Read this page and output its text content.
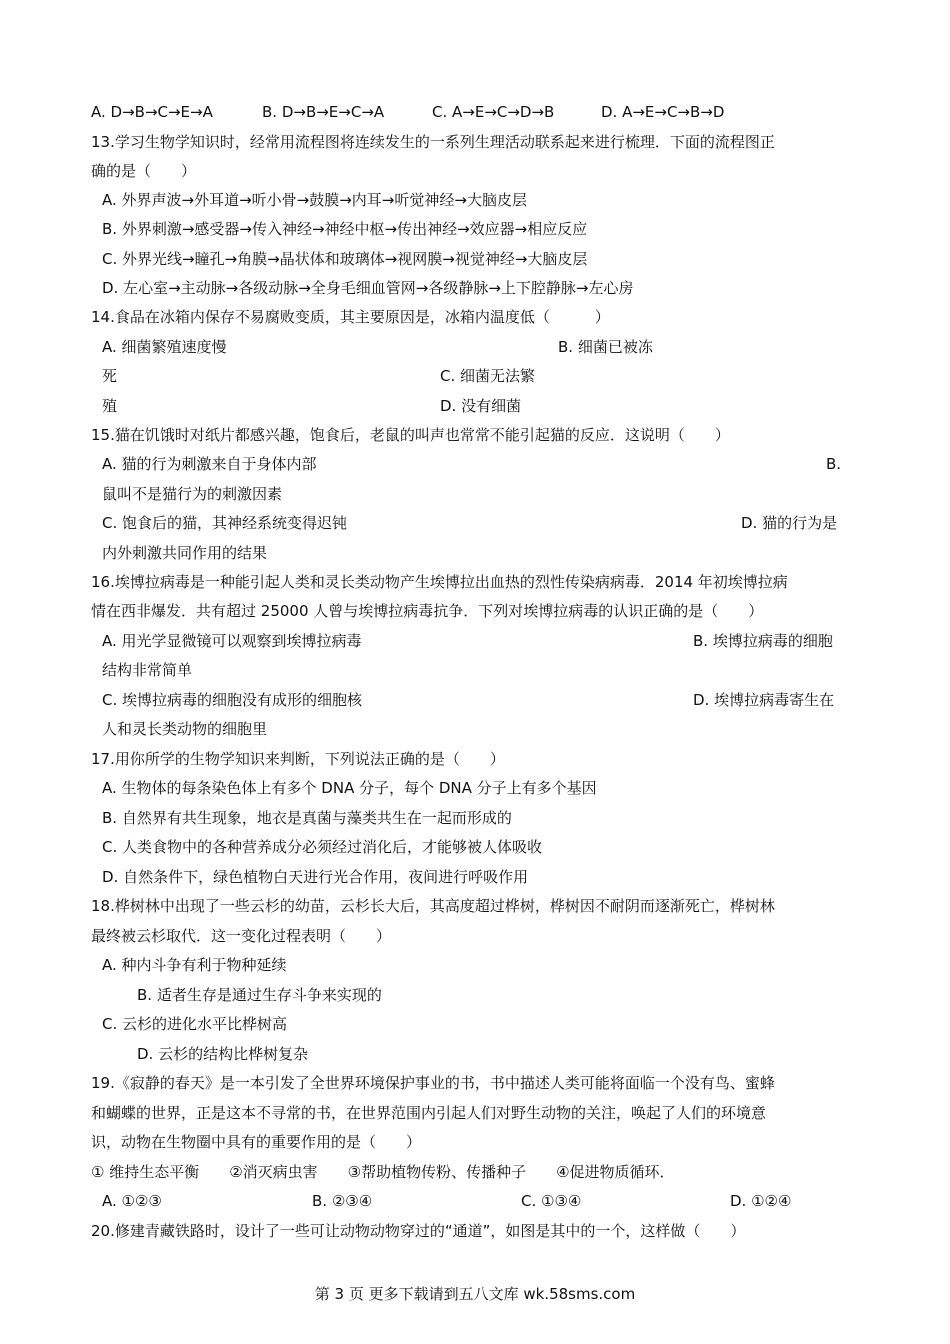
A. D→B→C→E→A	B. D→B→E→C→A	C. A→E→C→D→B	D. A→E→C→B→D
13.学习生物学知识时，经常用流程图将连续发生的一系列生理活动联系起来进行梳理．下面的流程图正
确的是（　　）
A. 外界声波→外耳道→听小骨→鼓膜→内耳→听觉神经→大脑皮层
B. 外界刺激→感受器→传入神经→神经中枢→传出神经→效应器→相应反应
C. 外界光线→瞳孔→角膜→晶状体和玻璃体→视网膜→视觉神经→大脑皮层
D. 左心室→主动脉→各级动脉→全身毛细血管网→各级静脉→上下腔静脉→左心房
14.食品在冰箱内保存不易腐败变质，其主要原因是，冰箱内温度低（　　　）
A. 细菌繁殖速度慢	B. 细菌已被冻
死	C. 细菌无法繁
殖	D. 没有细菌
15.猫在饥饿时对纸片都感兴趣，饱食后，老鼠的叫声也常常不能引起猫的反应．这说明（　　）
A. 猫的行为刺激来自于身体内部	B.
鼠叫不是猫行为的刺激因素
C. 饱食后的猫，其神经系统变得迟钝	D. 猫的行为是
内外刺激共同作用的结果
16.埃博拉病毒是一种能引起人类和灵长类动物产生埃博拉出血热的烈性传染病病毒．2014 年初埃博拉病
情在西非爆发．共有超过 25000 人曾与埃博拉病毒抗争．下列对埃博拉病毒的认识正确的是（　　）
A. 用光学显微镜可以观察到埃博拉病毒	B. 埃博拉病毒的细胞
结构非常简单
C. 埃博拉病毒的细胞没有成形的细胞核	D. 埃博拉病毒寄生在
人和灵长类动物的细胞里
17.用你所学的生物学知识来判断，下列说法正确的是（　　）
A. 生物体的每条染色体上有多个 DNA 分子，每个 DNA 分子上有多个基因
B. 自然界有共生现象，地衣是真菌与藻类共生在一起而形成的
C. 人类食物中的各种营养成分必须经过消化后，才能够被人体吸收
D. 自然条件下，绿色植物白天进行光合作用，夜间进行呼吸作用
18.桦树林中出现了一些云杉的幼苗，云杉长大后，其高度超过桦树，桦树因不耐阴而逐渐死亡，桦树林
最终被云杉取代．这一变化过程表明（　　）
A. 种内斗争有利于物种延续
B. 适者生存是通过生存斗争来实现的
C. 云杉的进化水平比桦树高
D. 云杉的结构比桦树复杂
19.《寂静的春天》是一本引发了全世界环境保护事业的书，书中描述人类可能将面临一个没有鸟、蜜蜂
和蝴蝶的世界，正是这本不寻常的书，在世界范围内引起人们对野生动物的关注，唤起了人们的环境意
识，动物在生物圈中具有的重要作用的是（　　）
① 维持生态平衡　　②消灭病虫害　　③帮助植物传粉、传播种子　　④促进物质循环．
A. ①②③	B. ②③④	C. ①③④	D. ①②④
20.修建青藏铁路时，设计了一些可让动物动物穿过的“通道”，如图是其中的一个，这样做（　　）
第 3 页 更多下载请到五八文库 wk.58sms.com
